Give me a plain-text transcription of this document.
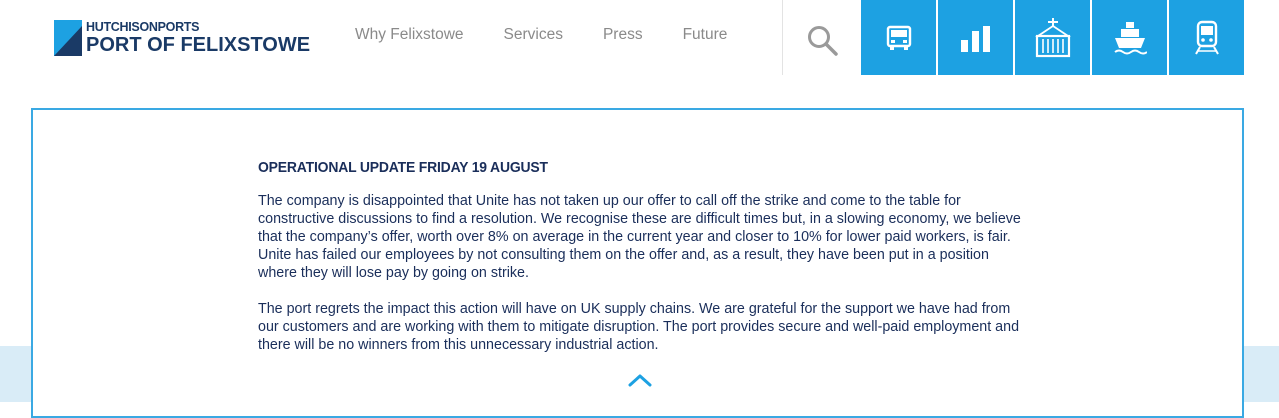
HUTCHISONPORTS
PORT OF FELIXSTOWE	Why Felixstowe	Services	Press	Future
OPERATIONAL UPDATE FRIDAY 19 AUGUST

The company is disappointed that Unite has not taken up our offer to call off the strike and come to the table for constructive discussions to find a resolution. We recognise these are difficult times but, in a slowing economy, we believe that the company’s offer, worth over 8% on average in the current year and closer to 10% for lower paid workers, is fair. Unite has failed our employees by not consulting them on the offer and, as a result, they have been put in a position where they will lose pay by going on strike.

The port regrets the impact this action will have on UK supply chains. We are grateful for the support we have had from our customers and are working with them to mitigate disruption. The port provides secure and well-paid employment and there will be no winners from this unnecessary industrial action.
